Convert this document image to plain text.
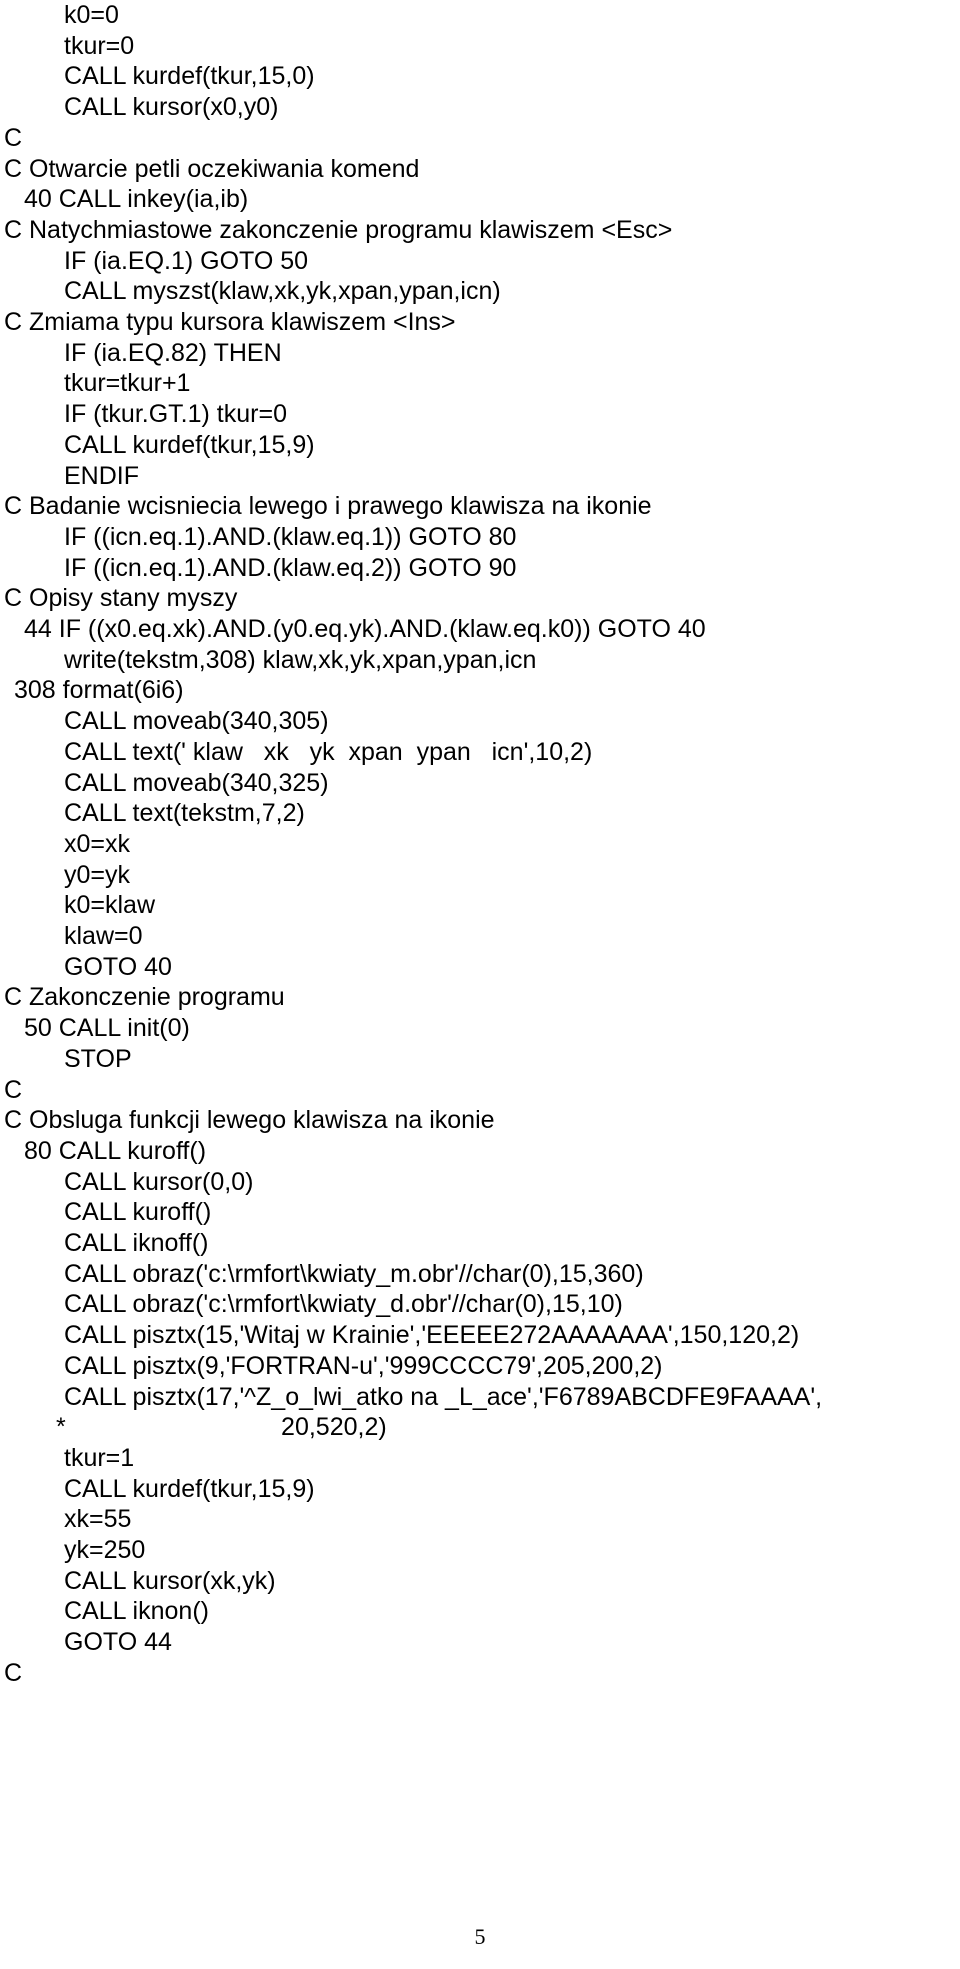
k0=0
tkur=0
CALL kurdef(tkur,15,0)
CALL kursor(x0,y0)
C
C Otwarcie petli oczekiwania komend
40 CALL inkey(ia,ib)
C Natychmiastowe zakonczenie programu klawiszem <Esc>
IF (ia.EQ.1) GOTO 50
CALL myszst(klaw,xk,yk,xpan,ypan,icn)
C Zmiama typu kursora klawiszem <Ins>
IF (ia.EQ.82) THEN
tkur=tkur+1
IF (tkur.GT.1) tkur=0
CALL kurdef(tkur,15,9)
ENDIF
C Badanie wcisniecia lewego i prawego klawisza na ikonie
IF ((icn.eq.1).AND.(klaw.eq.1)) GOTO 80
IF ((icn.eq.1).AND.(klaw.eq.2)) GOTO 90
C Opisy stany myszy
44 IF ((x0.eq.xk).AND.(y0.eq.yk).AND.(klaw.eq.k0)) GOTO 40
write(tekstm,308) klaw,xk,yk,xpan,ypan,icn
308 format(6i6)
CALL moveab(340,305)
CALL text(' klaw   xk   yk  xpan  ypan   icn',10,2)
CALL moveab(340,325)
CALL text(tekstm,7,2)
x0=xk
y0=yk
k0=klaw
klaw=0
GOTO 40
C Zakonczenie programu
50 CALL init(0)
STOP
C
C Obsluga funkcji lewego klawisza na ikonie
80 CALL kuroff()
CALL kursor(0,0)
CALL kuroff()
CALL iknoff()
CALL obraz('c:\rmfort\kwiaty_m.obr'//char(0),15,360)
CALL obraz('c:\rmfort\kwiaty_d.obr'//char(0),15,10)
CALL pisztx(15,'Witaj w Krainie','EEEEE272AAAAAAA',150,120,2)
CALL pisztx(9,'FORTRAN-u','999CCCC79',205,200,2)
CALL pisztx(17,'^Z_o_lwi_atko na _L_ace','F6789ABCDFE9FAAAA',
*                               20,520,2)
tkur=1
CALL kurdef(tkur,15,9)
xk=55
yk=250
CALL kursor(xk,yk)
CALL iknon()
GOTO 44
C
5
